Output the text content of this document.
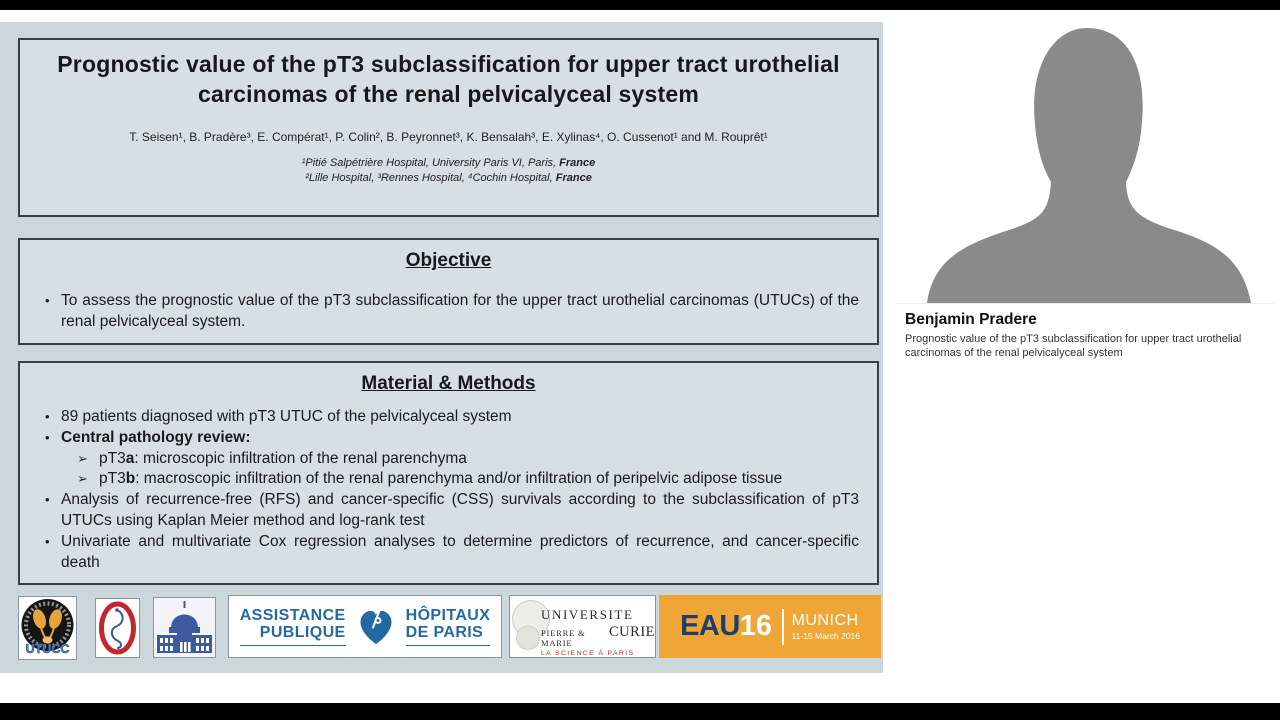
Prognostic value of the pT3 subclassification for upper tract urothelial carcinomas of the renal pelvicalyceal system
T. Seisen¹, B. Pradère³, E. Compérat¹, P. Colin², B. Peyronnet³, K. Bensalah³, E. Xylinas⁴, O. Cussenot¹ and M. Rouprêt¹
¹Pitié Salpétrière Hospital, University Paris VI, Paris, France
²Lille Hospital, ³Rennes Hospital, ⁴Cochin Hospital, France
Objective
• To assess the prognostic value of the pT3 subclassification for the upper tract urothelial carcinomas (UTUCs) of the renal pelvicalyceal system.
Material & Methods
• 89 patients diagnosed with pT3 UTUC of the pelvicalyceal system
• Central pathology review:
➢ pT3a: microscopic infiltration of the renal parenchyma
➢ pT3b: macroscopic infiltration of the renal parenchyma and/or infiltration of peripelvic adipose tissue
• Analysis of recurrence-free (RFS) and cancer-specific (CSS) survivals according to the subclassification of pT3 UTUCs using Kaplan Meier method and log-rank test
• Univariate and multivariate Cox regression analyses to determine predictors of recurrence, and cancer-specific death
UTUCC
ASSISTANCE
PUBLIQUE
HÔPITAUX
DE PARIS
UNIVERSITE
PIERRE & MARIE
CURIE
LA SCIENCE À PARIS
EAU 16 MUNICH
11-15 March 2016
Benjamin Pradere
Prognostic value of the pT3 subclassification for upper tract urothelial carcinomas of the renal pelvicalyceal system
